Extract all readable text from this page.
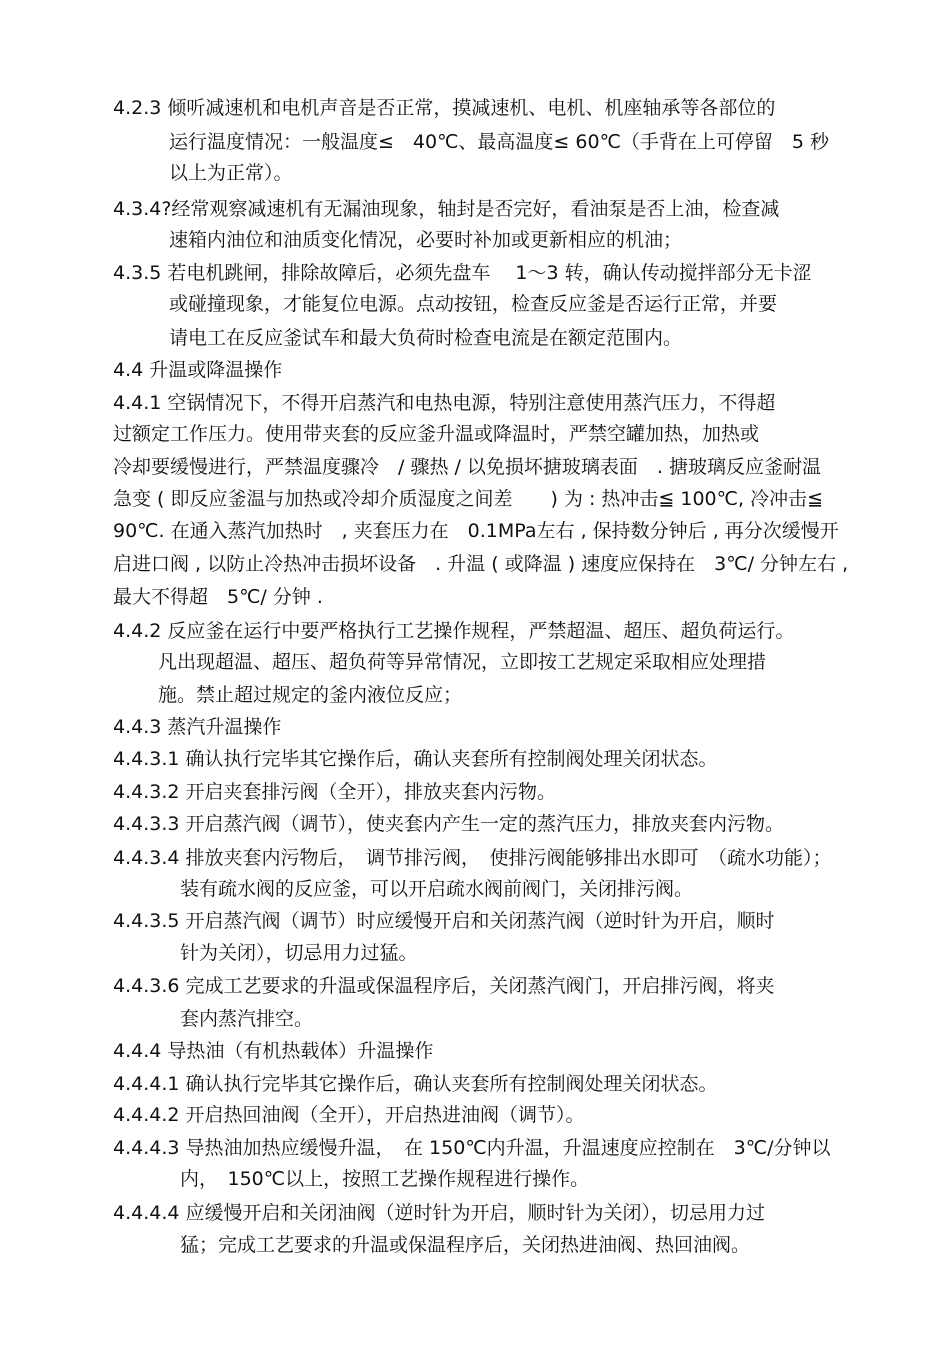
4.2.3 倾听减速机和电机声音是否正常，摸减速机、电机、机座轴承等各部位的
运行温度情况：一般温度≤　40℃、最高温度≤ 60℃（手背在上可停留　5 秒
以上为正常）。
4.3.4?经常观察减速机有无漏油现象，轴封是否完好，看油泵是否上油，检查减
速箱内油位和油质变化情况，必要时补加或更新相应的机油；
4.3.5 若电机跳闸，排除故障后，必须先盘车　 1～3 转，确认传动搅拌部分无卡涩
或碰撞现象，才能复位电源。点动按钮，检查反应釜是否运行正常，并要
请电工在反应釜试车和最大负荷时检查电流是在额定范围内。
4.4 升温或降温操作
4.4.1 空锅情况下，不得开启蒸汽和电热电源，特别注意使用蒸汽压力，不得超
过额定工作压力。使用带夹套的反应釜升温或降温时，严禁空罐加热，加热或
冷却要缓慢进行，严禁温度骤冷　/ 骤热 / 以免损坏搪玻璃表面　. 搪玻璃反应釜耐温
急变 ( 即反应釜温与加热或冷却介质湿度之间差　　) 为 : 热冲击≦ 100℃, 冷冲击≦
90℃. 在通入蒸汽加热时　, 夹套压力在　0.1MPa左右 , 保持数分钟后 , 再分次缓慢开
启进口阀 , 以防止冷热冲击损坏设备　. 升温 ( 或降温 ) 速度应保持在　3℃/ 分钟左右 ,
最大不得超　5℃/ 分钟 .
4.4.2 反应釜在运行中要严格执行工艺操作规程，严禁超温、超压、超负荷运行。
凡出现超温、超压、超负荷等异常情况，立即按工艺规定采取相应处理措
施。禁止超过规定的釜内液位反应；
4.4.3 蒸汽升温操作
4.4.3.1 确认执行完毕其它操作后，确认夹套所有控制阀处理关闭状态。
4.4.3.2 开启夹套排污阀（全开），排放夹套内污物。
4.4.3.3 开启蒸汽阀（调节），使夹套内产生一定的蒸汽压力，排放夹套内污物。
4.4.3.4 排放夹套内污物后，　调节排污阀，　使排污阀能够排出水即可　（疏水功能）；
装有疏水阀的反应釜，可以开启疏水阀前阀门，关闭排污阀。
4.4.3.5 开启蒸汽阀（调节）时应缓慢开启和关闭蒸汽阀（逆时针为开启，顺时
针为关闭），切忌用力过猛。
4.4.3.6 完成工艺要求的升温或保温程序后，关闭蒸汽阀门，开启排污阀，将夹
套内蒸汽排空。
4.4.4 导热油（有机热载体）升温操作
4.4.4.1 确认执行完毕其它操作后，确认夹套所有控制阀处理关闭状态。
4.4.4.2 开启热回油阀（全开），开启热进油阀（调节）。
4.4.4.3 导热油加热应缓慢升温，　在 150℃内升温，升温速度应控制在　3℃/分钟以
内，　150℃以上，按照工艺操作规程进行操作。
4.4.4.4 应缓慢开启和关闭油阀（逆时针为开启，顺时针为关闭），切忌用力过
猛；完成工艺要求的升温或保温程序后，关闭热进油阀、热回油阀。
